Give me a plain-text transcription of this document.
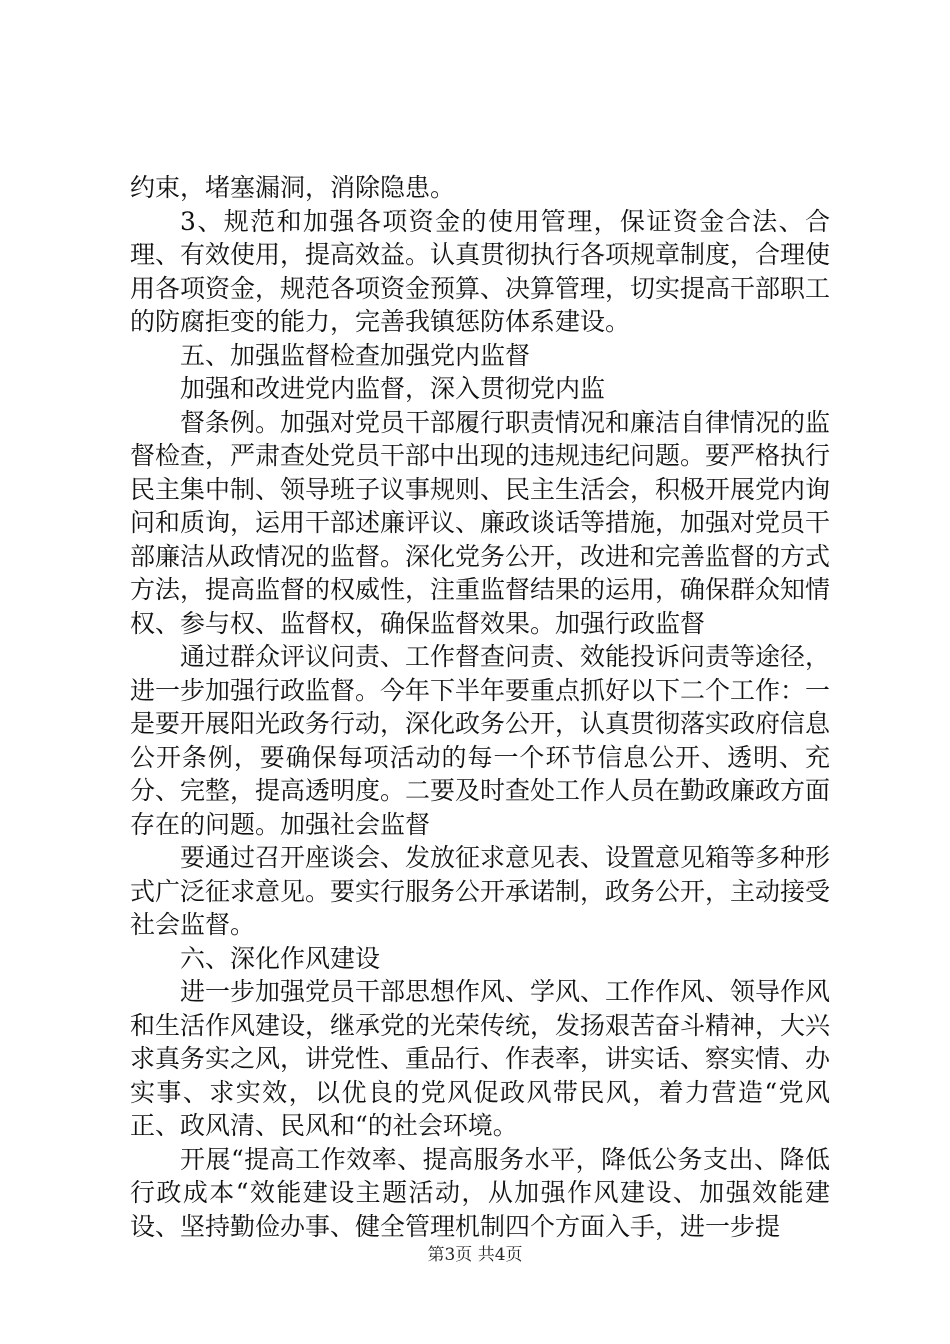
约束，堵塞漏洞，消除隐患。

3、规范和加强各项资金的使用管理，保证资金合法、合理、有效使用，提高效益。认真贯彻执行各项规章制度，合理使用各项资金，规范各项资金预算、决算管理，切实提高干部职工的防腐拒变的能力，完善我镇惩防体系建设。

五、加强监督检查加强党内监督

加强和改进党内监督，深入贯彻党内监

督条例。加强对党员干部履行职责情况和廉洁自律情况的监督检查，严肃查处党员干部中出现的违规违纪问题。要严格执行民主集中制、领导班子议事规则、民主生活会，积极开展党内询问和质询，运用干部述廉评议、廉政谈话等措施，加强对党员干部廉洁从政情况的监督。深化党务公开，改进和完善监督的方式方法，提高监督的权威性，注重监督结果的运用，确保群众知情权、参与权、监督权，确保监督效果。加强行政监督

通过群众评议问责、工作督查问责、效能投诉问责等途径，进一步加强行政监督。今年下半年要重点抓好以下二个工作：一是要开展阳光政务行动，深化政务公开，认真贯彻落实政府信息公开条例，要确保每项活动的每一个环节信息公开、透明、充分、完整，提高透明度。二要及时查处工作人员在勤政廉政方面存在的问题。加强社会监督

要通过召开座谈会、发放征求意见表、设置意见箱等多种形式广泛征求意见。要实行服务公开承诺制，政务公开，主动接受社会监督。

六、深化作风建设

进一步加强党员干部思想作风、学风、工作作风、领导作风和生活作风建设，继承党的光荣传统，发扬艰苦奋斗精神，大兴求真务实之风，讲党性、重品行、作表率，讲实话、察实情、办实事、求实效，以优良的党风促政风带民风，着力营造“党风正、政风清、民风和“的社会环境。

开展“提高工作效率、提高服务水平，降低公务支出、降低行政成本“效能建设主题活动，从加强作风建设、加强效能建设、坚持勤俭办事、健全管理机制四个方面入手，进一步提

第3页 共4页
